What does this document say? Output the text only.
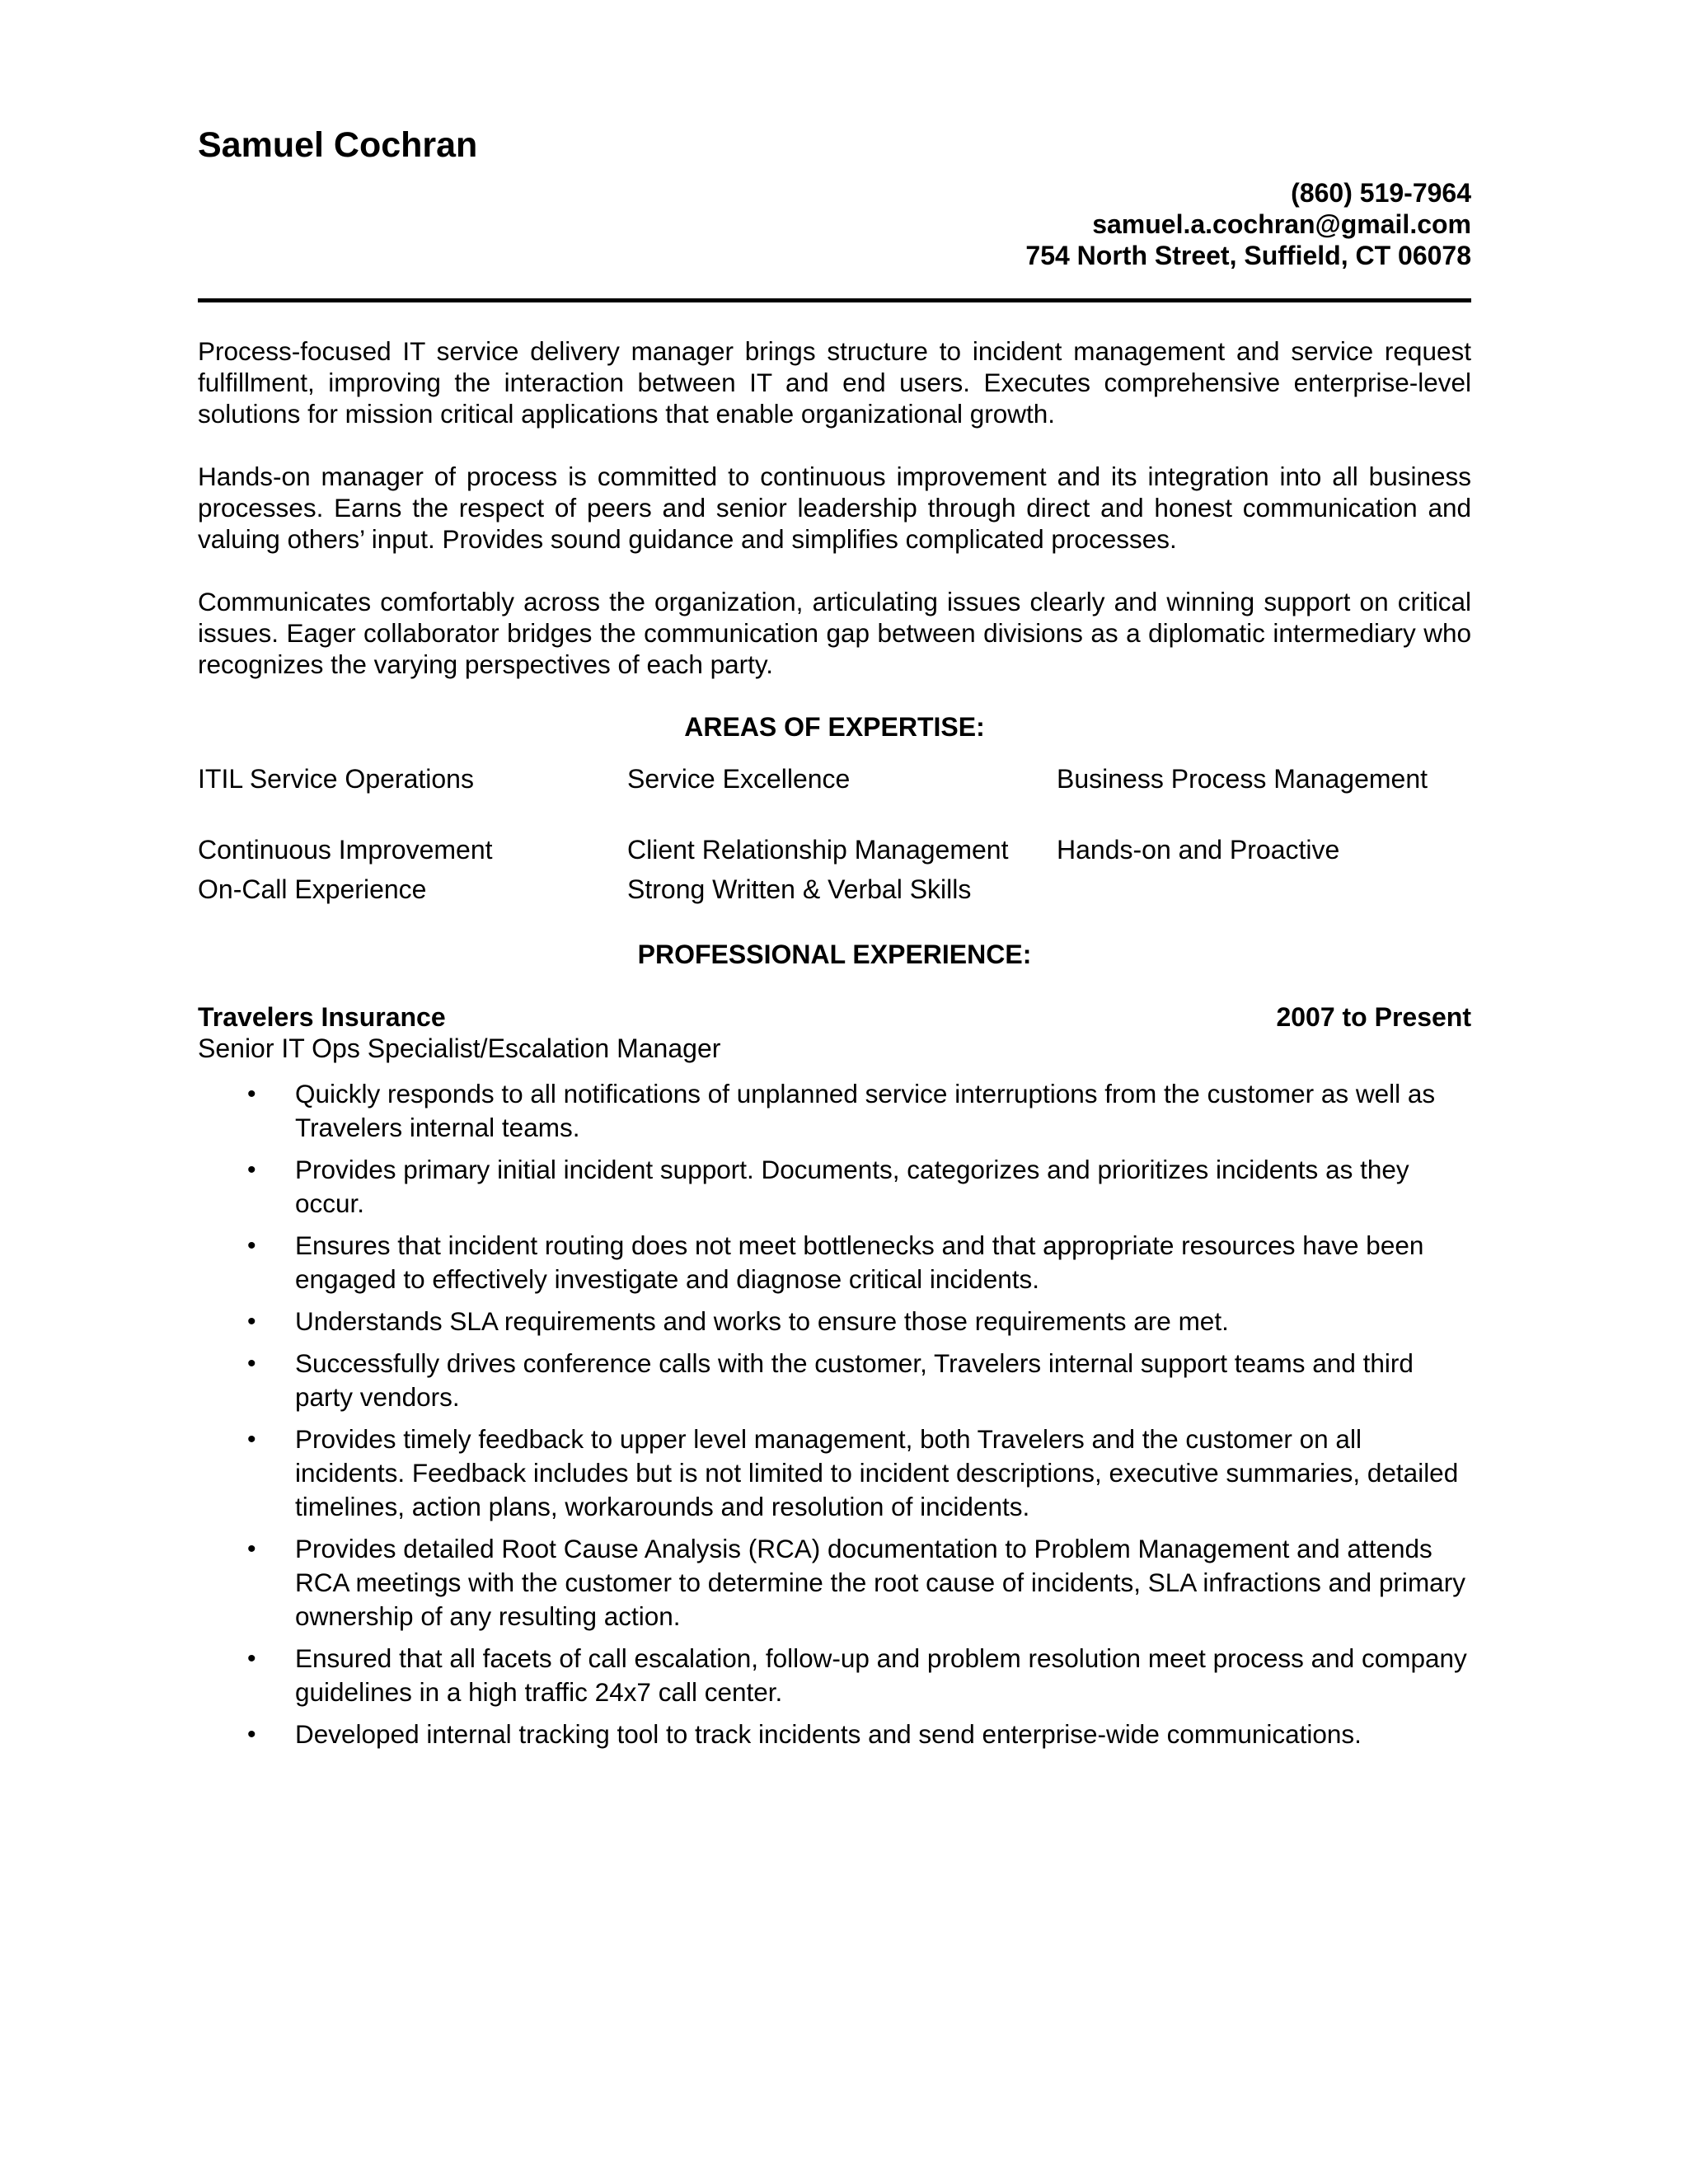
Samuel Cochran
(860) 519-7964
samuel.a.cochran@gmail.com
754 North Street, Suffield, CT 06078

Process-focused IT service delivery manager brings structure to incident management and service request fulfillment, improving the interaction between IT and end users. Executes comprehensive enterprise-level solutions for mission critical applications that enable organizational growth.

Hands-on manager of process is committed to continuous improvement and its integration into all business processes. Earns the respect of peers and senior leadership through direct and honest communication and valuing others’ input. Provides sound guidance and simplifies complicated processes.

Communicates comfortably across the organization, articulating issues clearly and winning support on critical issues. Eager collaborator bridges the communication gap between divisions as a diplomatic intermediary who recognizes the varying perspectives of each party.

AREAS OF EXPERTISE:
ITIL Service Operations	Service Excellence	Business Process Management
Continuous Improvement	Client Relationship Management	Hands-on and Proactive
On-Call Experience	Strong Written & Verbal Skills
PROFESSIONAL EXPERIENCE:
Travelers Insurance	2007 to Present
Senior IT Ops Specialist/Escalation Manager
• Quickly responds to all notifications of unplanned service interruptions from the customer as well as Travelers internal teams.
• Provides primary initial incident support. Documents, categorizes and prioritizes incidents as they occur.
• Ensures that incident routing does not meet bottlenecks and that appropriate resources have been engaged to effectively investigate and diagnose critical incidents.
• Understands SLA requirements and works to ensure those requirements are met.
• Successfully drives conference calls with the customer, Travelers internal support teams and third party vendors.
• Provides timely feedback to upper level management, both Travelers and the customer on all incidents. Feedback includes but is not limited to incident descriptions, executive summaries, detailed timelines, action plans, workarounds and resolution of incidents.
• Provides detailed Root Cause Analysis (RCA) documentation to Problem Management and attends RCA meetings with the customer to determine the root cause of incidents, SLA infractions and primary ownership of any resulting action.
• Ensured that all facets of call escalation, follow-up and problem resolution meet process and company guidelines in a high traffic 24x7 call center.
• Developed internal tracking tool to track incidents and send enterprise-wide communications.
